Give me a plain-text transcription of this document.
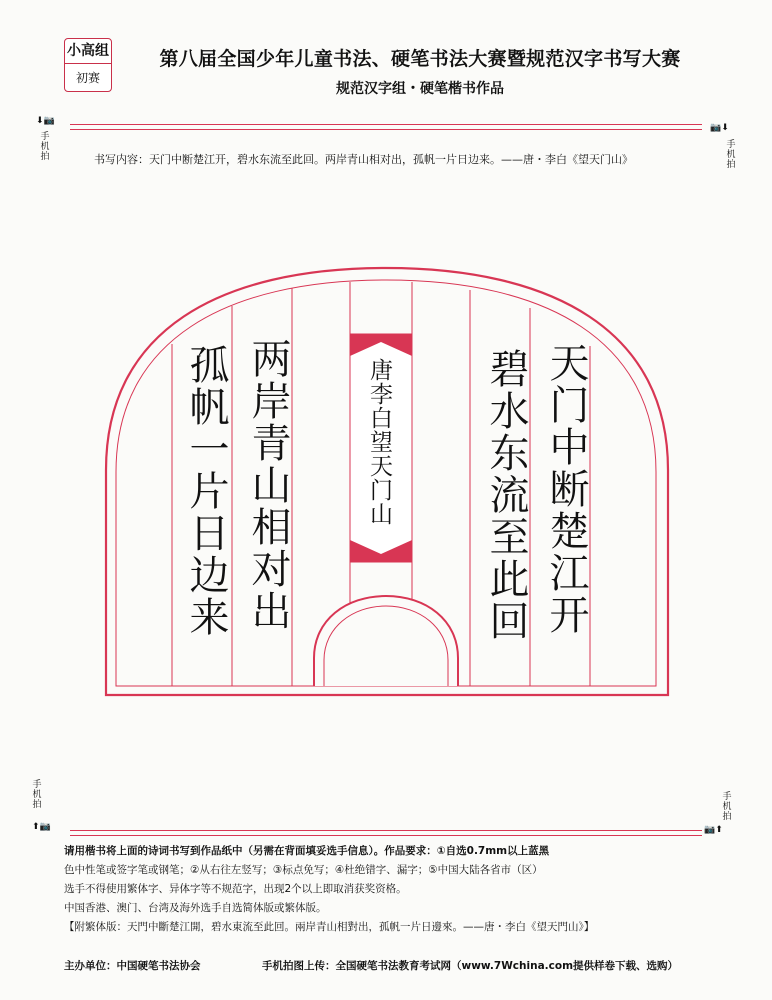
小高组
初赛
第八届全国少年儿童书法、硬笔书法大赛暨规范汉字书写大赛
规范汉字组・硬笔楷书作品
⬇📷
手机拍
📷⬇
手机拍
书写内容：天门中断楚江开，碧水东流至此回。两岸青山相对出，孤帆一片日边来。——唐・李白《望天门山》
天门中断楚江开
碧水东流至此回
唐李白望天门山
两岸青山相对出
孤帆一片日边来
手机拍
⬆📷
手机拍
📷⬆
请用楷书将上面的诗词书写到作品纸中（另需在背面填妥选手信息）。作品要求：①自选0.7mm以上蓝黑
色中性笔或签字笔或钢笔；②从右往左竖写；③标点免写；④杜绝错字、漏字；⑤中国大陆各省市（区）
选手不得使用繁体字、异体字等不规范字，出现2个以上即取消获奖资格。
中国香港、澳门、台湾及海外选手自选简体版或繁体版。
【附繁体版：天門中斷楚江開，碧水東流至此回。兩岸青山相對出，孤帆一片日邊來。——唐・李白《望天門山》】
主办单位：中国硬笔书法协会	手机拍图上传：全国硬笔书法教育考试网（www.7Wchina.com提供样卷下载、选购）
